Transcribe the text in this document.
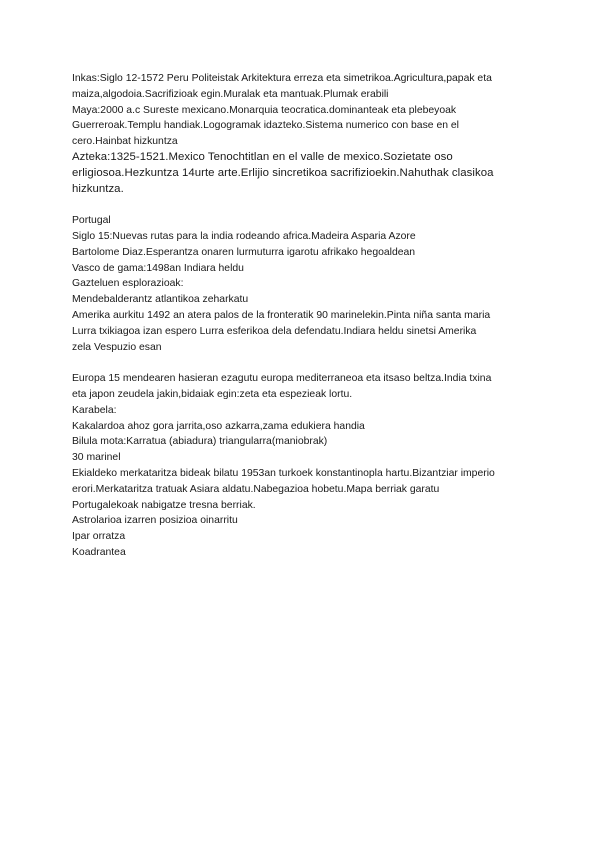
Inkas:Siglo 12-1572 Peru Politeistak Arkitektura erreza eta simetrikoa.Agricultura,papak eta
maiza,algodoia.Sacrifizioak egin.Muralak eta mantuak.Plumak erabili
Maya:2000 a.c Sureste mexicano.Monarquia teocratica.dominanteak eta plebeyoak
Guerreroak.Templu handiak.Logogramak idazteko.Sistema numerico con base en el
cero.Hainbat hizkuntza
Azteka:1325-1521.Mexico Tenochtitlan en el valle de mexico.Sozietate oso
erligiosoa.Hezkuntza 14urte arte.Erlijio sincretikoa sacrifizioekin.Nahuthak clasikoa
hizkuntza.
Portugal
Siglo 15:Nuevas rutas para la india rodeando africa.Madeira Asparia Azore
Bartolome Diaz.Esperantza onaren lurmuturra igarotu afrikako hegoaldean
Vasco de gama:1498an Indiara heldu
Gazteluen esplorazioak:
Mendebalderantz atlantikoa zeharkatu
Amerika aurkitu 1492 an atera palos de la fronteratik 90 marinelekin.Pinta niña santa maria
Lurra txikiagoa izan espero Lurra esferikoa dela defendatu.Indiara heldu sinetsi Amerika
zela Vespuzio esan
Europa 15 mendearen hasieran ezagutu europa mediterraneoa eta itsaso beltza.India txina
eta japon zeudela jakin,bidaiak egin:zeta eta espezieak lortu.
Karabela:
Kakalardoa ahoz gora jarrita,oso azkarra,zama edukiera handia
Bilula mota:Karratua (abiadura) triangularra(maniobrak)
30 marinel
Ekialdeko merkataritza bideak bilatu 1953an turkoek konstantinopla hartu.Bizantziar imperio
erori.Merkataritza tratuak Asiara aldatu.Nabegazioa hobetu.Mapa berriak garatu
Portugalekoak nabigatze tresna berriak.
Astrolarioa izarren posizioa oinarritu
Ipar orratza
Koadrantea
